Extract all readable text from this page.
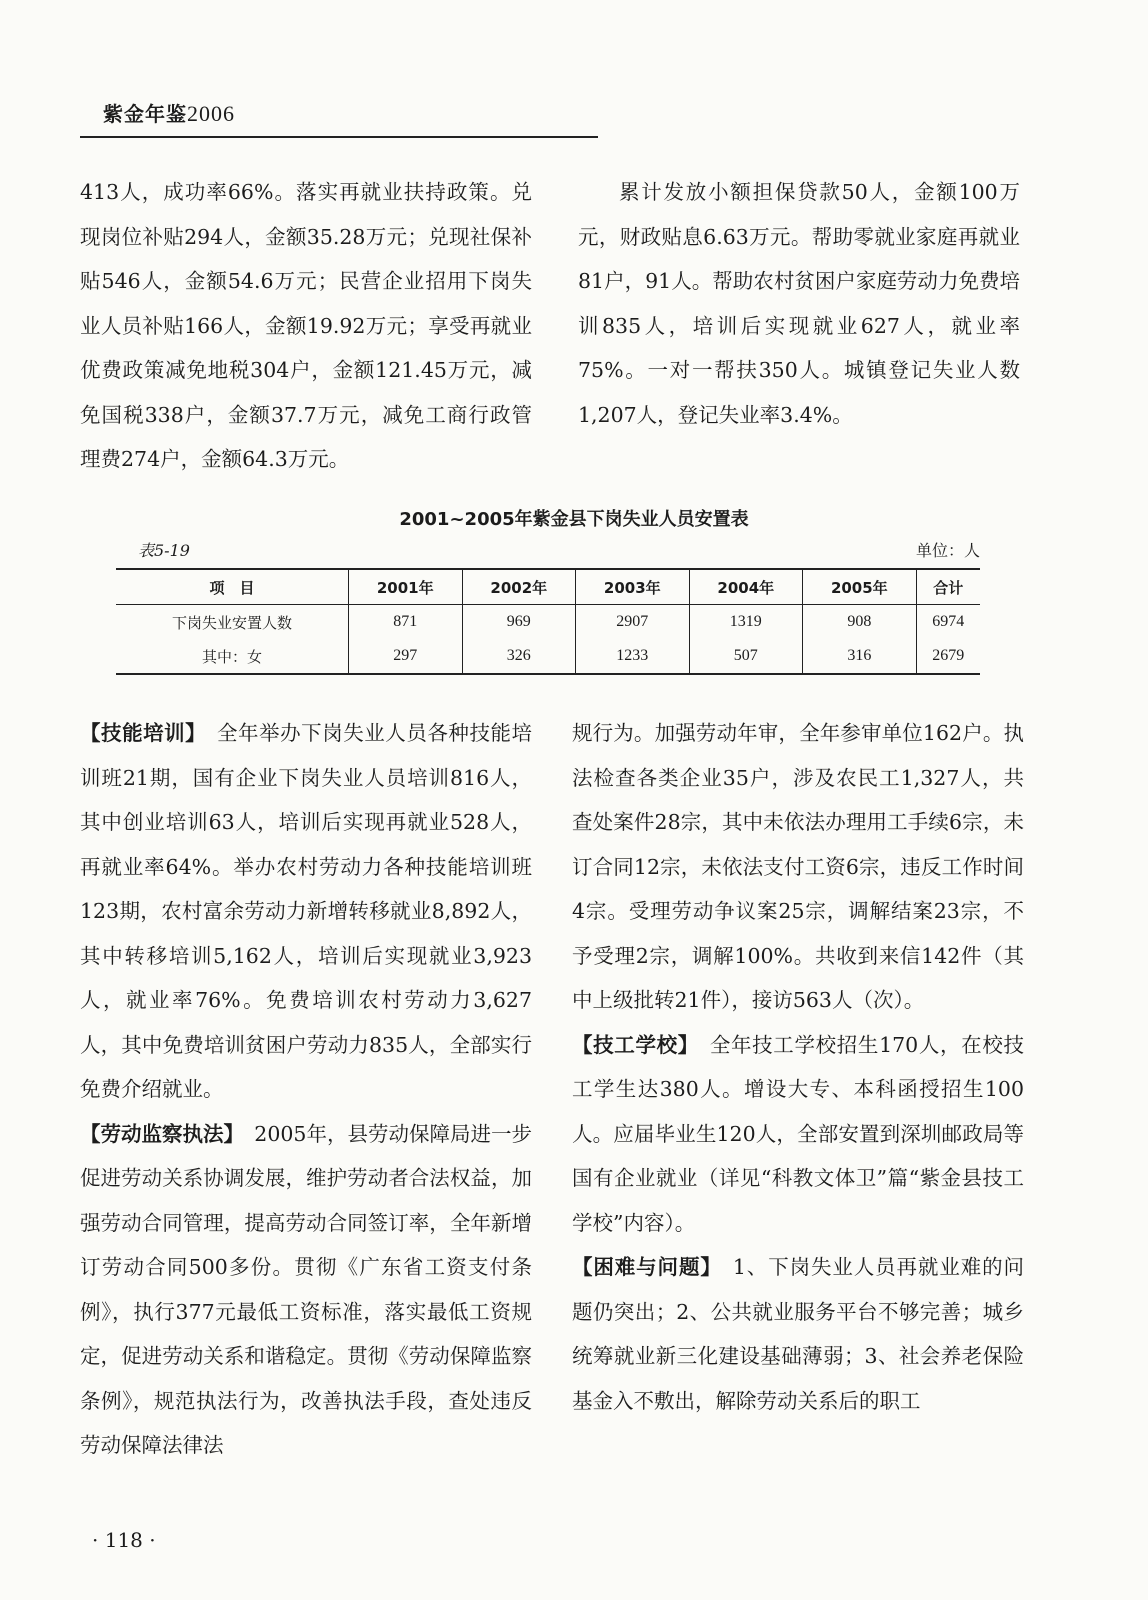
紫金年鉴2006

413人，成功率66%。落实再就业扶持政策。兑现岗位补贴294人，金额35.28万元；兑现社保补贴546人，金额54.6万元；民营企业招用下岗失业人员补贴166人，金额19.92万元；享受再就业优费政策减免地税304户，金额121.45万元，减免国税338户，金额37.7万元，减免工商行政管理费274户，金额64.3万元。

累计发放小额担保贷款50人，金额100万元，财政贴息6.63万元。帮助零就业家庭再就业81户，91人。帮助农村贫困户家庭劳动力免费培训835人，培训后实现就业627人，就业率75%。一对一帮扶350人。城镇登记失业人数1,207人，登记失业率3.4%。

2001~2005年紫金县下岗失业人员安置表
表5-19	单位：人
项　目	2001年	2002年	2003年	2004年	2005年	合计
下岗失业安置人数	871	969	2907	1319	908	6974
其中：女	297	326	1233	507	316	2679

【技能培训】　 全年举办下岗失业人员各种技能培训班21期，国有企业下岗失业人员培训816人，其中创业培训63人，培训后实现再就业528人，再就业率64%。举办农村劳动力各种技能培训班123期，农村富余劳动力新增转移就业8,892人，其中转移培训5,162人，培训后实现就业3,923人，就业率76%。免费培训农村劳动力3,627人，其中免费培训贫困户劳动力835人，全部实行免费介绍就业。

【劳动监察执法】　 2005年，县劳动保障局进一步促进劳动关系协调发展，维护劳动者合法权益，加强劳动合同管理，提高劳动合同签订率，全年新增订劳动合同500多份。贯彻《广东省工资支付条例》，执行377元最低工资标准，落实最低工资规定，促进劳动关系和谐稳定。贯彻《劳动保障监察条例》，规范执法行为，改善执法手段，查处违反劳动保障法律法

规行为。加强劳动年审，全年参审单位162户。执法检查各类企业35户，涉及农民工1,327人，共查处案件28宗，其中未依法办理用工手续6宗，未订合同12宗，未依法支付工资6宗，违反工作时间4宗。受理劳动争议案25宗，调解结案23宗，不予受理2宗，调解100%。共收到来信142件（其中上级批转21件），接访563人（次）。

【技工学校】　 全年技工学校招生170人，在校技工学生达380人。增设大专、本科函授招生100人。应届毕业生120人，全部安置到深圳邮政局等国有企业就业（详见“科教文体卫”篇“紫金县技工学校”内容）。

【困难与问题】　 1、下岗失业人员再就业难的问题仍突出；2、公共就业服务平台不够完善；城乡统筹就业新三化建设基础薄弱；3、社会养老保险基金入不敷出，解除劳动关系后的职工

· 118 ·
